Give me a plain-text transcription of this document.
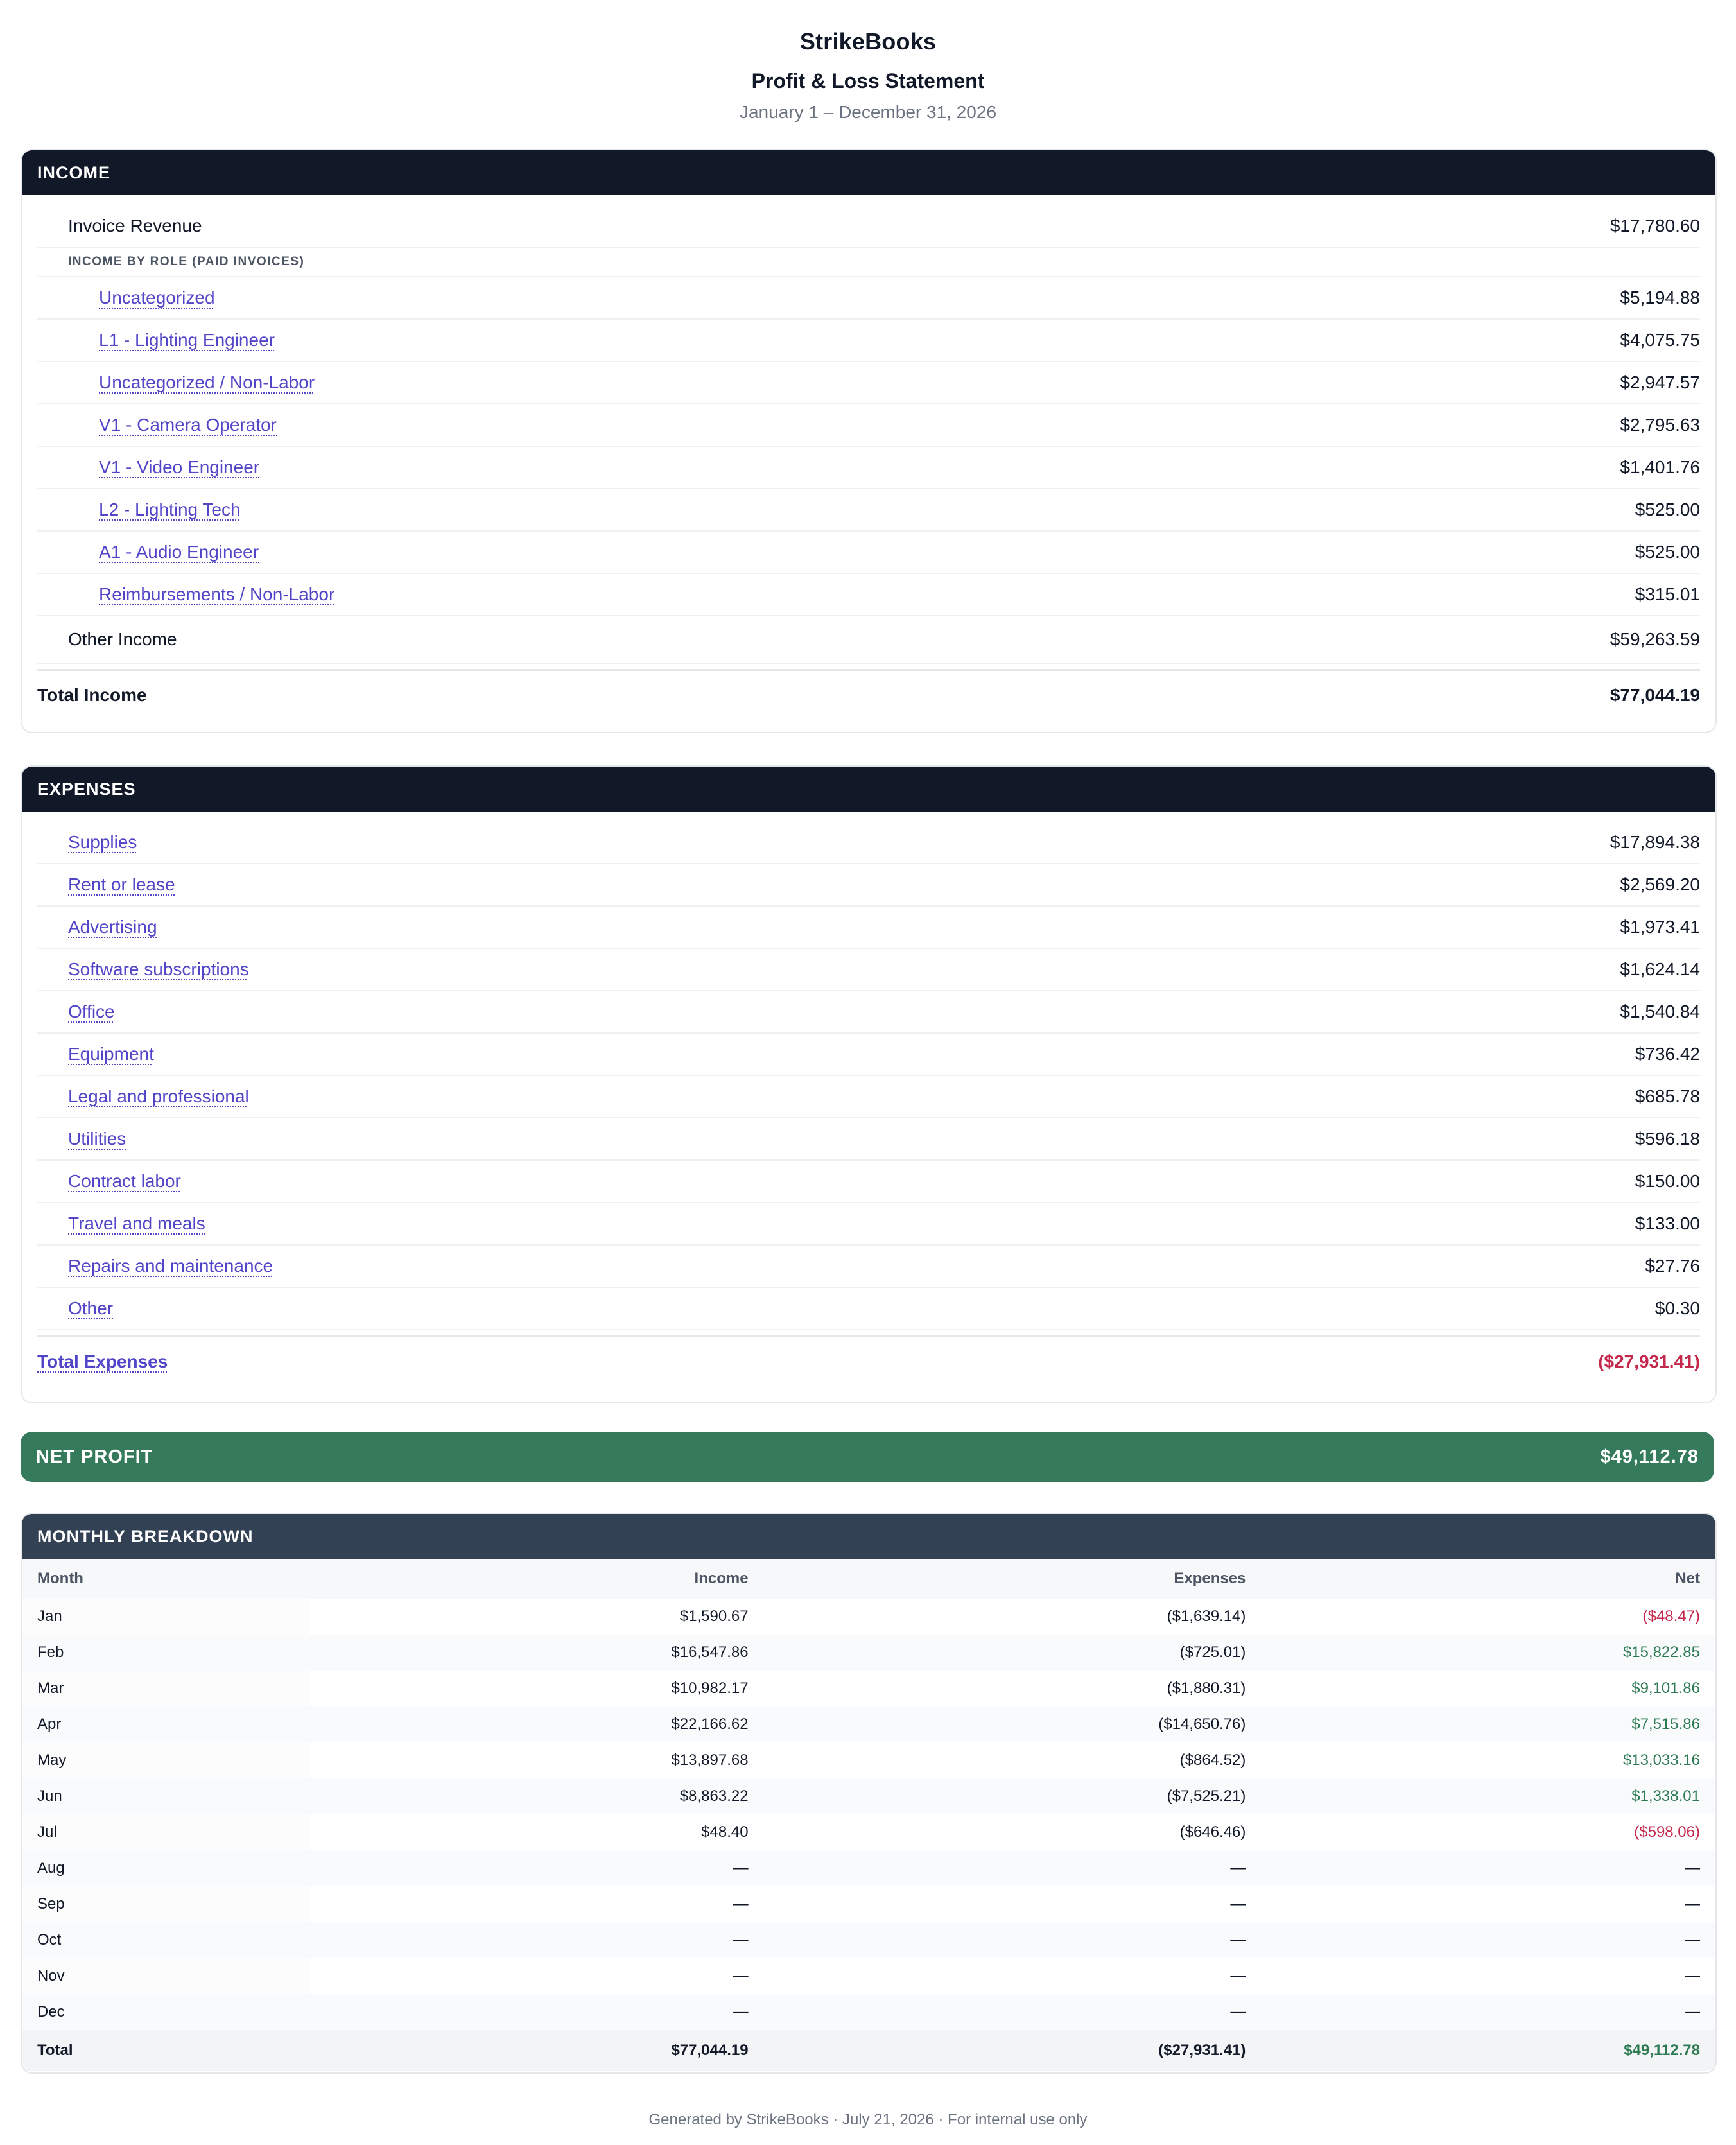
StrikeBooks
Profit & Loss Statement
January 1 – December 31, 2026
INCOME
Invoice Revenue	$17,780.60
INCOME BY ROLE (PAID INVOICES)
Uncategorized	$5,194.88
L1 - Lighting Engineer	$4,075.75
Uncategorized / Non-Labor	$2,947.57
V1 - Camera Operator	$2,795.63
V1 - Video Engineer	$1,401.76
L2 - Lighting Tech	$525.00
A1 - Audio Engineer	$525.00
Reimbursements / Non-Labor	$315.01
Other Income	$59,263.59
Total Income	$77,044.19
EXPENSES
Supplies	$17,894.38
Rent or lease	$2,569.20
Advertising	$1,973.41
Software subscriptions	$1,624.14
Office	$1,540.84
Equipment	$736.42
Legal and professional	$685.78
Utilities	$596.18
Contract labor	$150.00
Travel and meals	$133.00
Repairs and maintenance	$27.76
Other	$0.30
Total Expenses	($27,931.41)
NET PROFIT	$49,112.78
MONTHLY BREAKDOWN
Month	Income	Expenses	Net
Jan	$1,590.67	($1,639.14)	($48.47)
Feb	$16,547.86	($725.01)	$15,822.85
Mar	$10,982.17	($1,880.31)	$9,101.86
Apr	$22,166.62	($14,650.76)	$7,515.86
May	$13,897.68	($864.52)	$13,033.16
Jun	$8,863.22	($7,525.21)	$1,338.01
Jul	$48.40	($646.46)	($598.06)
Aug	—	—	—
Sep	—	—	—
Oct	—	—	—
Nov	—	—	—
Dec	—	—	—
Total	$77,044.19	($27,931.41)	$49,112.78
Generated by StrikeBooks · July 21, 2026 · For internal use only
